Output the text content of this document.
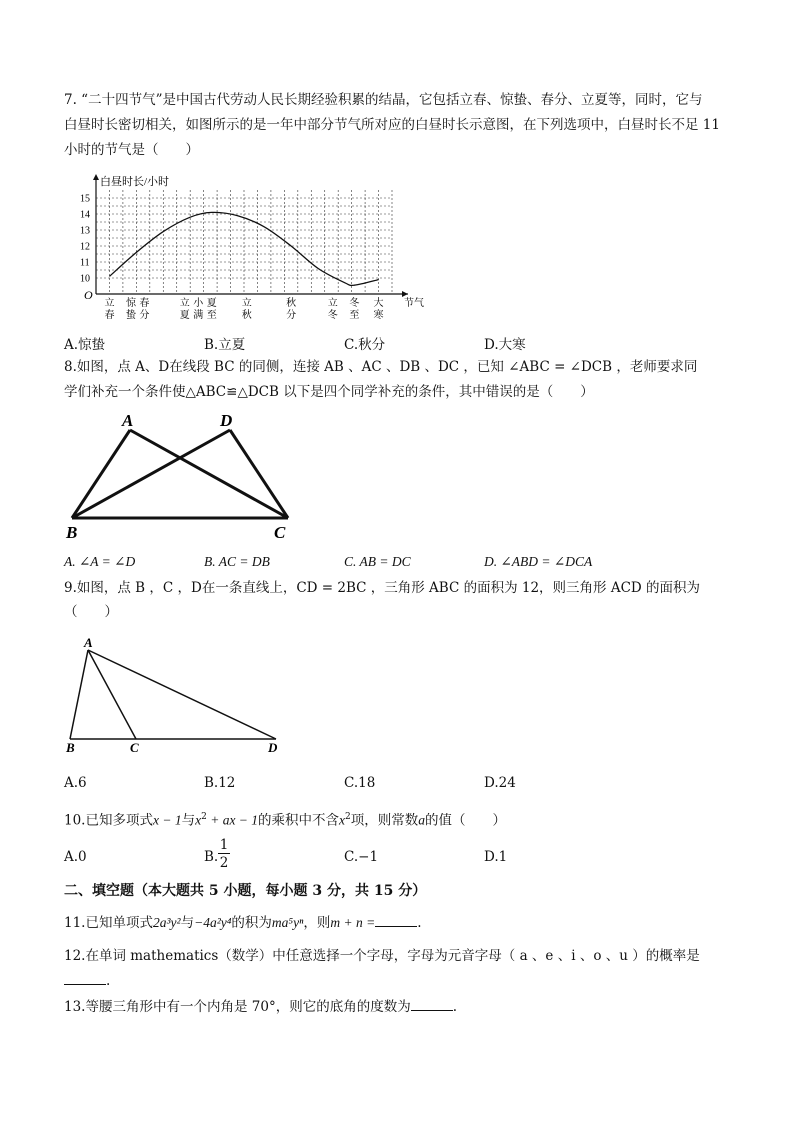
7. “二十四节气”是中国古代劳动人民长期经验积累的结晶，它包括立春、惊蛰、春分、立夏等，同时，它与
白昼时长密切相关，如图所示的是一年中部分节气所对应的白昼时长示意图，在下列选项中，白昼时长不足 11
小时的节气是（　　）
10
11
12
13
14
15
立
春
惊
蛰
春
分
立
夏
小
满
夏
至
立
秋
秋
分
立
冬
冬
至
大
寒
白昼时长/小时
节气
O
A.惊蛰	B.立夏	C.秋分	D.大寒
8.如图，点 A、D在线段 BC 的同侧，连接 AB 、AC 、DB 、DC ，已知 ∠ABC = ∠DCB ，老师要求同
学们补充一个条件使△ABC≌△DCB 以下是四个同学补充的条件，其中错误的是（　　）
A	D
B	C
A. ∠A = ∠D	B. AC = DB	C. AB = DC	D. ∠ABD = ∠DCA
9.如图，点 B ，C ，D在一条直线上，CD = 2BC ，三角形 ABC 的面积为 12，则三角形 ACD 的面积为
（　　）
A
B	C	D
A.6	B.12	C.18	D.24
10.已知多项式x − 1与$x^2$ + ax − 1的乘积中不含$x^2$项，则常数a的值（　　）
A.0	B.
1
2	C.−1	D.1
二、填空题（本大题共 5 小题，每小题 3 分，共 15 分）
11.已知单项式2a³y²与−4a²y⁴的积为ma⁵yⁿ，则m + n =	.
12.在单词 mathematics（数学）中任意选择一个字母，字母为元音字母（ a 、e 、i 、o 、u ）的概率是
.
13.等腰三角形中有一个内角是 70°，则它的底角的度数为	.
